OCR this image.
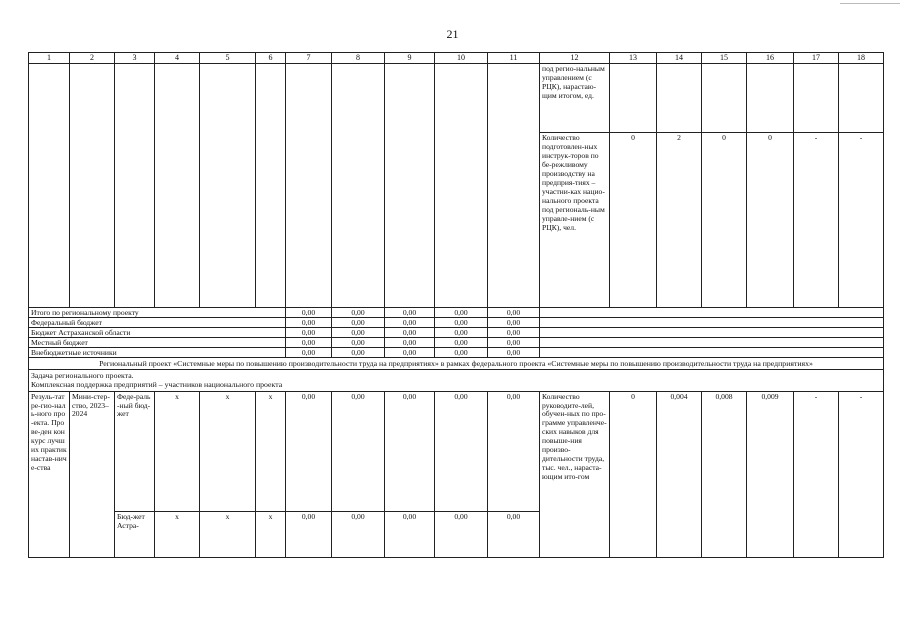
21
1	2	3	4	5	6	7	8	9	10	11	12	13	14	15	16	17	18
											под регио-нальным управлением (с РЦК), нарастаю-щим итогом, ед.						
											Количество подготовлен-ных инструк-торов по бе-режливому производству на предприя-тиях – участни-ках нацио-нального проекта под региональ-ным управле-нием (с РЦК), чел.	0	2	0	0	-	-
Итого по региональному проекту						0,00	0,00	0,00	0,00	0,00							
Федеральный бюджет						0,00	0,00	0,00	0,00	0,00							
Бюджет Астраханской области						0,00	0,00	0,00	0,00	0,00							
Местный бюджет						0,00	0,00	0,00	0,00	0,00							
Внебюджетные источники						0,00	0,00	0,00	0,00	0,00							
Региональный проект «Системные меры по повышению производительности труда на предприятиях» в рамках федерального проекта «Системные меры по повышению производительности труда на предприятиях»																	

Задача регионального проекта.
Комплексная поддержка предприятий – участников национального проекта																	

Резуль-тат ре-гио-наль-ного про-екта. Прове-ден конкурс лучших практик настав-ниче-ства	Мини-стер-ство, 2023–2024	Феде-раль-ный бюд-жет	x	x	x	0,00	0,00	0,00	0,00	0,00	Количество руководите-лей, обучен-ных по про-грамме управленче-ских навыков для повыше-ния произво-дительности труда, тыс. чел., нараста-ющим ито-гом	0	0,004	0,008	0,009	-	-
		Бюд-жет Астра-	x	x	x	0,00	0,00	0,00	0,00	0,00							
